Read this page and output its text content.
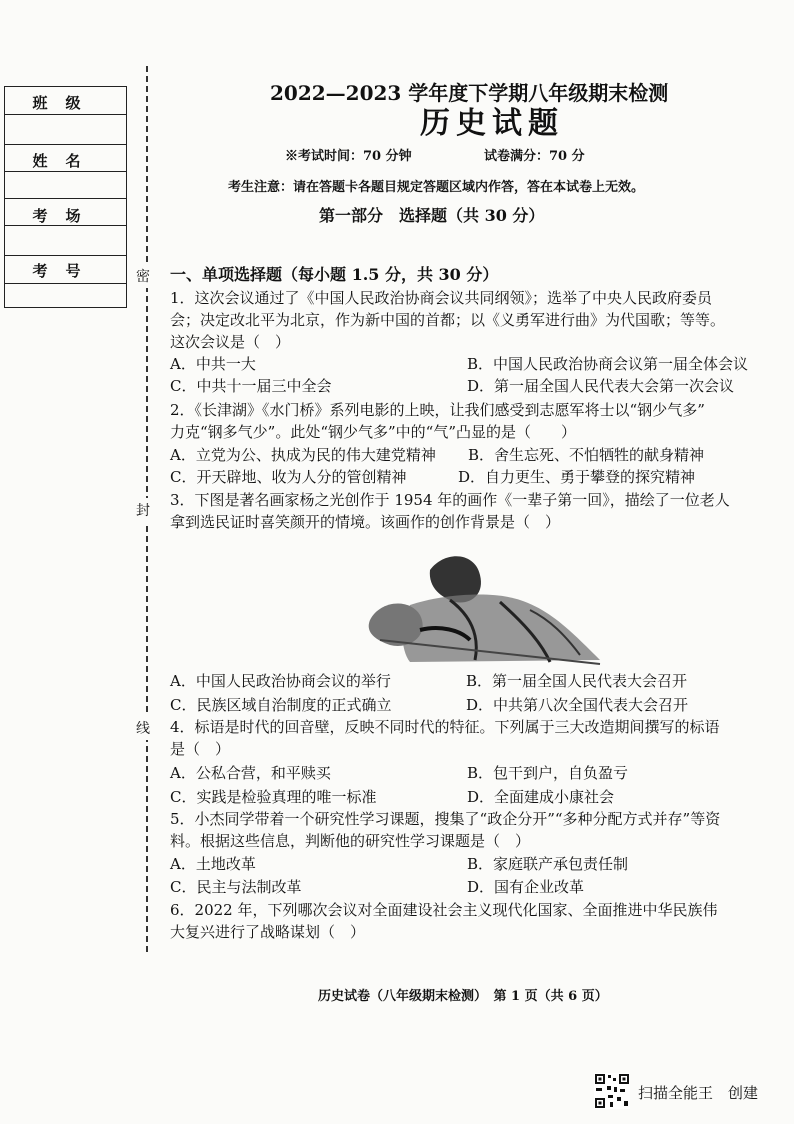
班级
姓名
考场
考号	密
封
线
2022—2023 学年度下学期八年级期末检测
历史试题
※考试时间：70 分钟	试卷满分：70 分
考生注意：请在答题卡各题目规定答题区域内作答，答在本试卷上无效。
第一部分　选择题（共 30 分）
一、单项选择题（每小题 1.5 分，共 30 分）
1．这次会议通过了《中国人民政治协商会议共同纲领》；选举了中央人民政府委员
会；决定改北平为北京，作为新中国的首都；以《义勇军进行曲》为代国歌；等等。
这次会议是（　）
A．中共一大	B．中国人民政治协商会议第一届全体会议
C．中共十一届三中全会	D．第一届全国人民代表大会第一次会议
2．《长津湖》《水门桥》系列电影的上映，让我们感受到志愿军将士以“钢少气多”
力克“钢多气少”。此处“钢少气多”中的“气”凸显的是（　　）
A．立党为公、执成为民的伟大建党精神 B．舍生忘死、不怕牺牲的献身精神
C．开天辟地、收为人分的管创精神	D．自力更生、勇于攀登的探究精神
3．下图是著名画家杨之光创作于 1954 年的画作《一辈子第一回》，描绘了一位老人
拿到选民证时喜笑颜开的情境。该画作的创作背景是（　）
A．中国人民政治协商会议的举行	B．第一届全国人民代表大会召开
C．民族区域自治制度的正式确立	D．中共第八次全国代表大会召开
4．标语是时代的回音壁，反映不同时代的特征。下列属于三大改造期间撰写的标语
是（　）
A．公私合营，和平赎买	B．包干到户，自负盈亏
C．实践是检验真理的唯一标准	D．全面建成小康社会
5．小杰同学带着一个研究性学习课题，搜集了“政企分开”“多种分配方式并存”等资
料。根据这些信息，判断他的研究性学习课题是（　）
A．土地改革	B．家庭联产承包责任制
C．民主与法制改革	D．国有企业改革
6．2022 年，下列哪次会议对全面建设社会主义现代化国家、全面推进中华民族伟
大复兴进行了战略谋划（　）
历史试卷（八年级期末检测）　第 1 页（共 6 页）
扫描全能王　创建
